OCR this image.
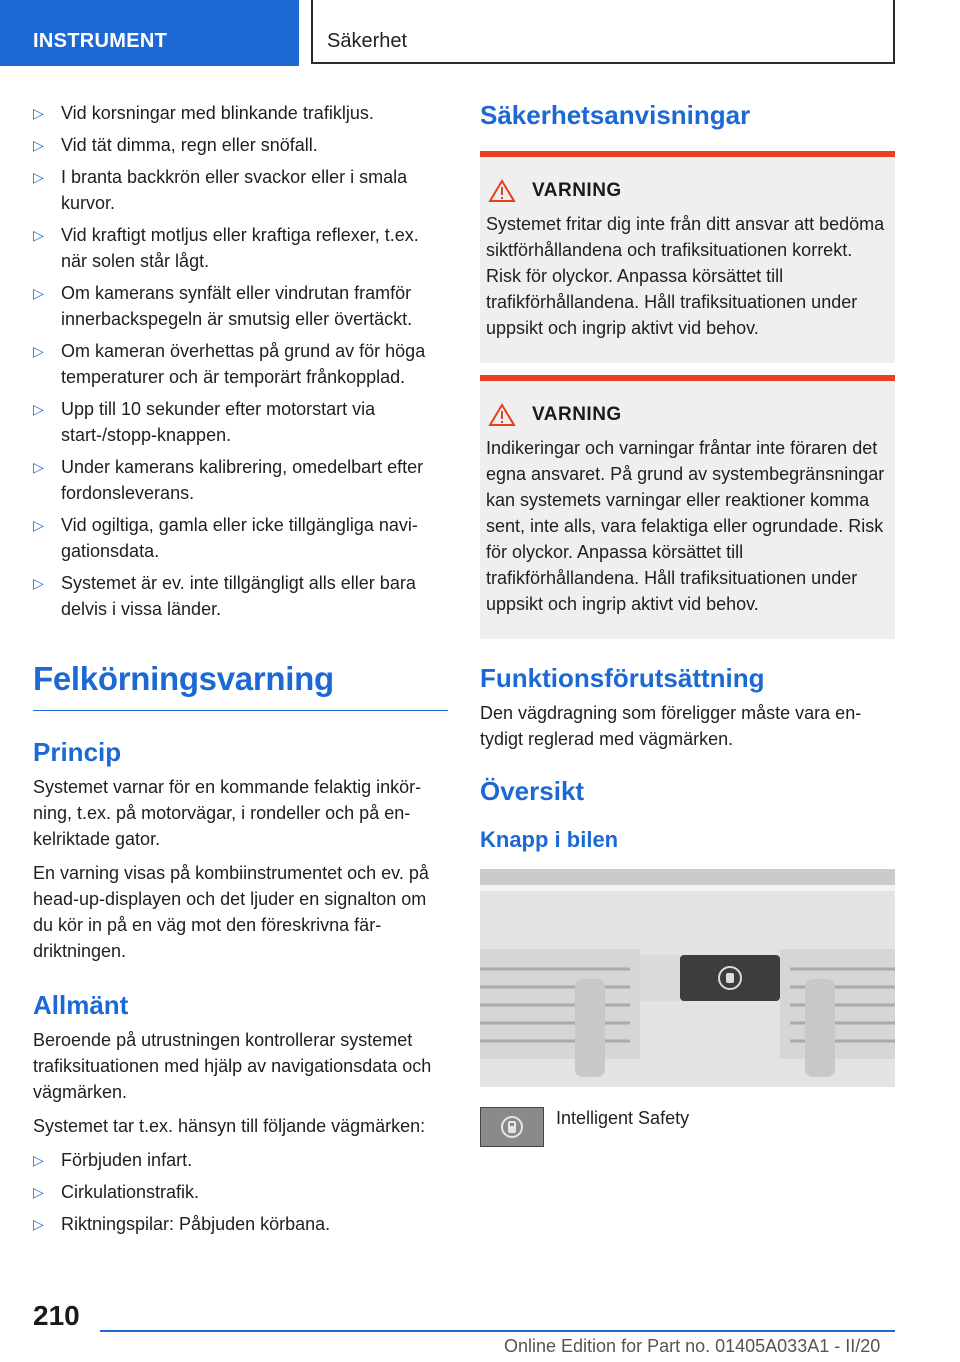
INSTRUMENT	Säkerhet
▷ Vid korsningar med blinkande trafikljus.
▷ Vid tät dimma, regn eller snöfall.
▷ I branta backkrön eller svackor eller i smala kurvor.
▷ Vid kraftigt motljus eller kraftiga reflexer, t.ex. när solen står lågt.
▷ Om kamerans synfält eller vindrutan framför innerbackspegeln är smutsig eller övertäckt.
▷ Om kameran överhettas på grund av för höga temperaturer och är temporärt frånkopplad.
▷ Upp till 10 sekunder efter motorstart via start-/stopp-knappen.
▷ Under kamerans kalibrering, omedelbart efter fordonsleverans.
▷ Vid ogiltiga, gamla eller icke tillgängliga navigationsdata.
▷ Systemet är ev. inte tillgängligt alls eller bara delvis i vissa länder.
Felkörningsvarning
Princip

Systemet varnar för en kommande felaktig inkörning, t.ex. på motorvägar, i rondeller och på enkelriktade gator.

En varning visas på kombiinstrumentet och ev. på head-up-displayen och det ljuder en signalton om du kör in på en väg mot den föreskrivna färdriktningen.

Allmänt

Beroende på utrustningen kontrollerar systemet trafiksituationen med hjälp av navigationsdata och vägmärken.

Systemet tar t.ex. hänsyn till följande vägmärken:

▷ Förbjuden infart.
▷ Cirkulationstrafik.
▷ Riktningspilar: Påbjuden körbana.
Säkerhetsanvisningar
VARNING
Systemet fritar dig inte från ditt ansvar att bedöma siktförhållandena och trafiksituationen korrekt. Risk för olyckor. Anpassa körsättet till trafikförhållandena. Håll trafiksituationen under uppsikt och ingrip aktivt vid behov.
VARNING
Indikeringar och varningar fråntar inte föraren det egna ansvaret. På grund av systembegränsningar kan systemets varningar eller reaktioner komma sent, inte alls, vara felaktiga eller ogrundade. Risk för olyckor. Anpassa körsättet till trafikförhållandena. Håll trafiksituationen under uppsikt och ingrip aktivt vid behov.
Funktionsförutsättning

Den vägdragning som föreligger måste vara entydigt reglerad med vägmärken.

Översikt
Knapp i bilen
Intelligent Safety
210
Online Edition for Part no. 01405A033A1 - II/20
